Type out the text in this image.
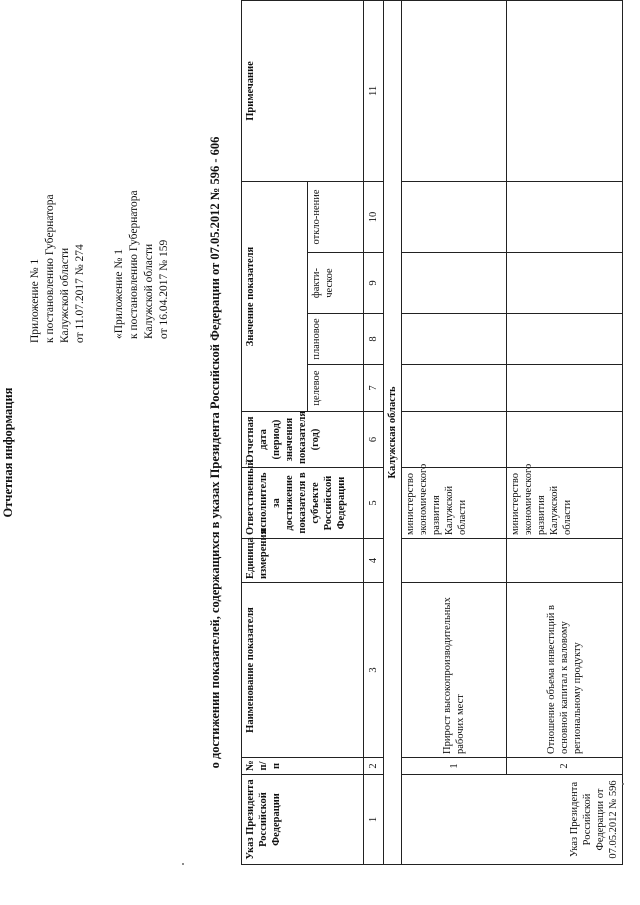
Приложение № 1 к постановлению Губернатора Калужской области от 11.07.2017 № 274 «Приложение № 1 к постановлению Губернатора Калужской области от 16.04.2017 № 159
Отчетная информация	о достижении показателей, содержащихся в указах Президента Российской Федерации от 07.05.2012 № 596 - 606
Указ Президента Российской Федерации	№ п/п	Наименование показателя	Единица измерения	Ответственный исполнитель за достижение показателя в субъекте Российской Федерации	Отчетная дата (период) значения показателя (год)	Значение показателя				Примечание
						целевое	плановое	факти-ческое	откло-нение	
1	2	3	4	5	6	7	8	9	10	11
Калужская область										
Указ Президента Российской Федерации от 07.05.2012 № 596	1	Прирост высокопроизводительных рабочих мест		министерство экономического развития Калужской области						
	2	Отношение объема инвестиций в основной капитал к валовому региональному продукту		министерство экономического развития Калужской области						
